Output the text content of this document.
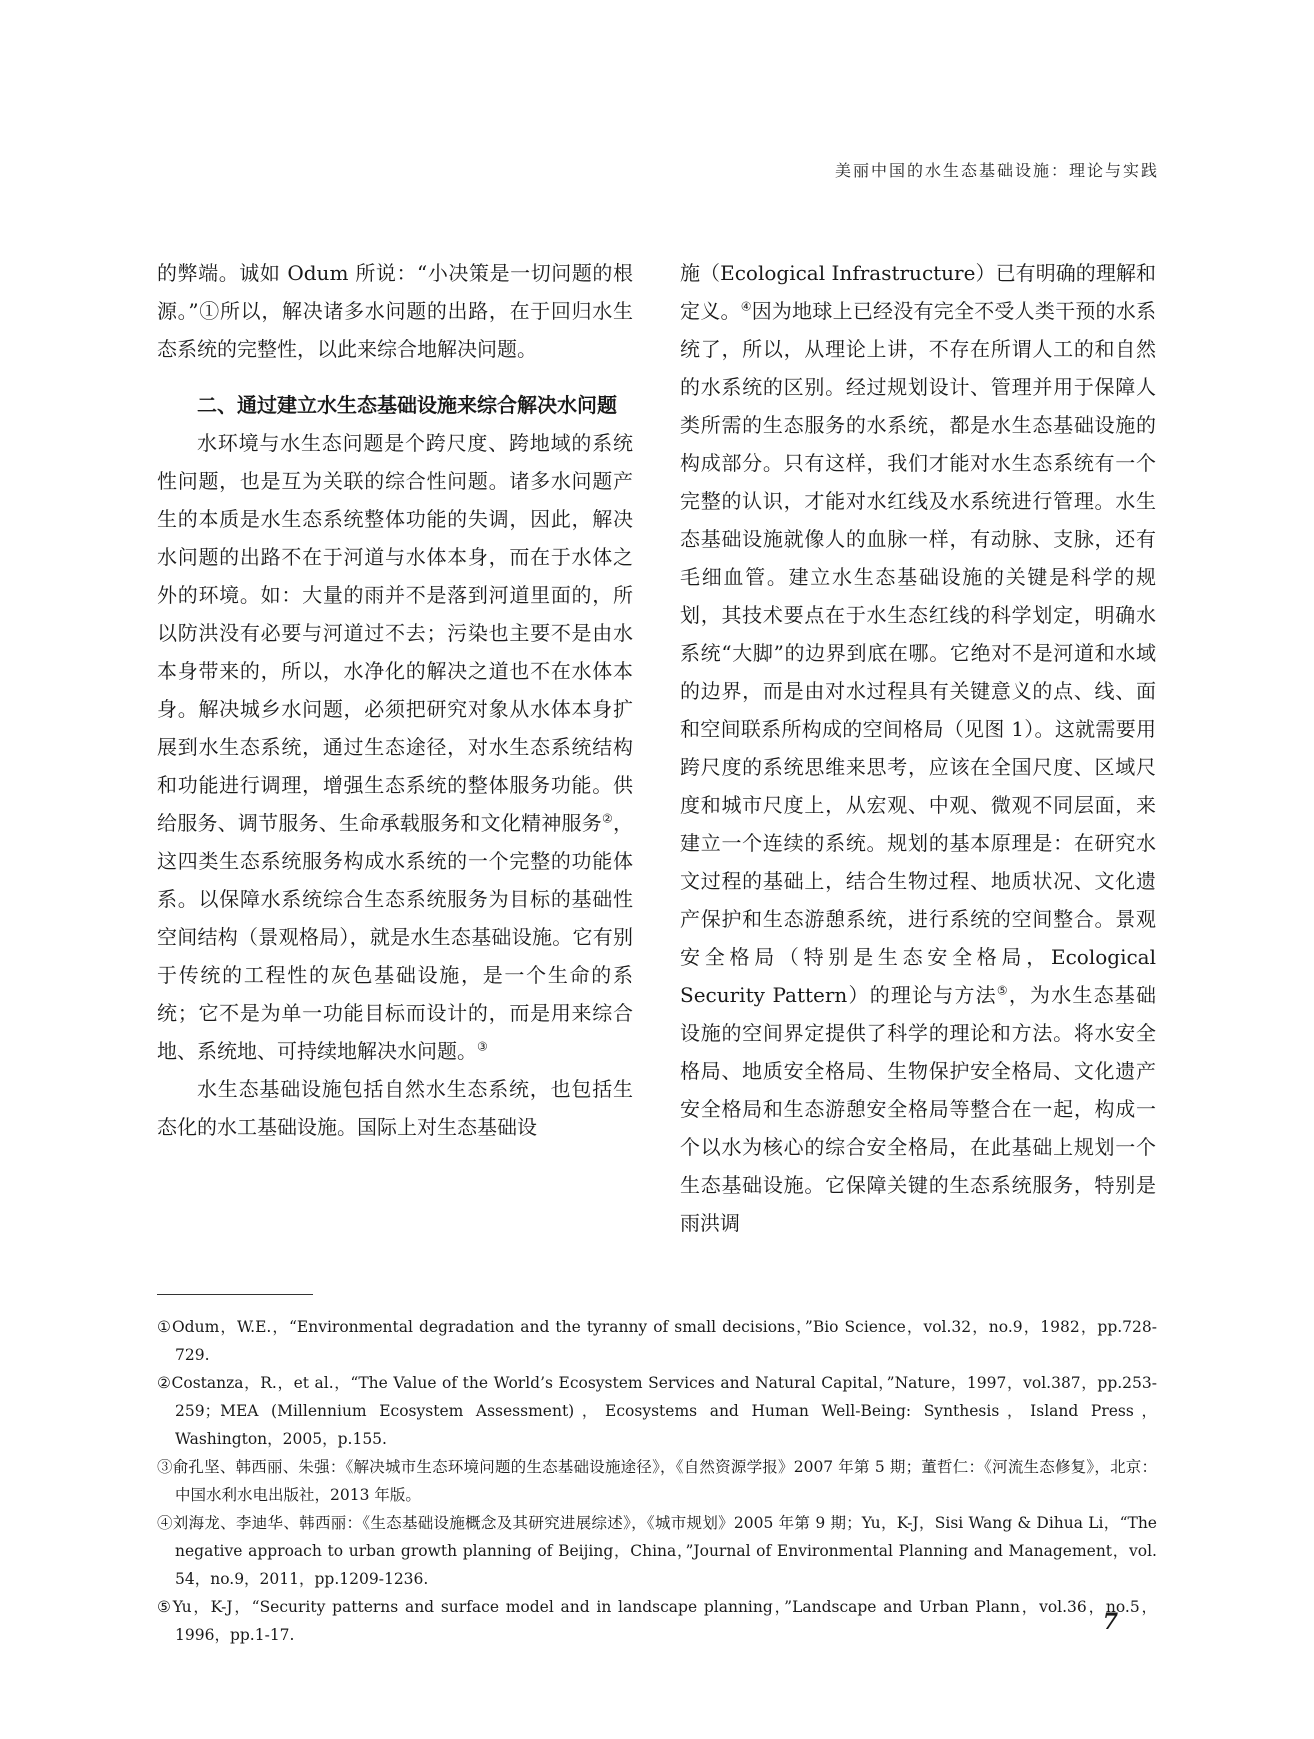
美丽中国的水生态基础设施：理论与实践

的弊端。诚如 Odum 所说：“小决策是一切问题的根源。”①所以，解决诸多水问题的出路，在于回归水生态系统的完整性，以此来综合地解决问题。

二、通过建立水生态基础设施来综合解决水问题

水环境与水生态问题是个跨尺度、跨地域的系统性问题，也是互为关联的综合性问题。诸多水问题产生的本质是水生态系统整体功能的失调，因此，解决水问题的出路不在于河道与水体本身，而在于水体之外的环境。如：大量的雨并不是落到河道里面的，所以防洪没有必要与河道过不去；污染也主要不是由水本身带来的，所以，水净化的解决之道也不在水体本身。解决城乡水问题，必须把研究对象从水体本身扩展到水生态系统，通过生态途径，对水生态系统结构和功能进行调理，增强生态系统的整体服务功能。供给服务、调节服务、生命承载服务和文化精神服务②，这四类生态系统服务构成水系统的一个完整的功能体系。以保障水系统综合生态系统服务为目标的基础性空间结构（景观格局），就是水生态基础设施。它有别于传统的工程性的灰色基础设施，是一个生命的系统；它不是为单一功能目标而设计的，而是用来综合地、系统地、可持续地解决水问题。③

水生态基础设施包括自然水生态系统，也包括生态化的水工基础设施。国际上对生态基础设

施（Ecological Infrastructure）已有明确的理解和定义。④因为地球上已经没有完全不受人类干预的水系统了，所以，从理论上讲，不存在所谓人工的和自然的水系统的区别。经过规划设计、管理并用于保障人类所需的生态服务的水系统，都是水生态基础设施的构成部分。只有这样，我们才能对水生态系统有一个完整的认识，才能对水红线及水系统进行管理。水生态基础设施就像人的血脉一样，有动脉、支脉，还有毛细血管。建立水生态基础设施的关键是科学的规划，其技术要点在于水生态红线的科学划定，明确水系统“大脚”的边界到底在哪。它绝对不是河道和水域的边界，而是由对水过程具有关键意义的点、线、面和空间联系所构成的空间格局（见图 1）。这就需要用跨尺度的系统思维来思考，应该在全国尺度、区域尺度和城市尺度上，从宏观、中观、微观不同层面，来建立一个连续的系统。规划的基本原理是：在研究水文过程的基础上，结合生物过程、地质状况、文化遗产保护和生态游憩系统，进行系统的空间整合。景观安全格局（特别是生态安全格局，Ecological Security Pattern）的理论与方法⑤，为水生态基础设施的空间界定提供了科学的理论和方法。将水安全格局、地质安全格局、生物保护安全格局、文化遗产安全格局和生态游憩安全格局等整合在一起，构成一个以水为核心的综合安全格局，在此基础上规划一个生态基础设施。它保障关键的生态系统服务，特别是雨洪调

①Odum，W.E.，“Environmental degradation and the tyranny of small decisions，”Bio Science，vol.32，no.9，1982，pp.728-729.

②Costanza，R.，et al.，“The Value of the World’s Ecosystem Services and Natural Capital，”Nature，1997，vol.387，pp.253-259；MEA (Millennium Ecosystem Assessment)，Ecosystems and Human Well-Being: Synthesis，Island Press，Washington，2005，p.155.

③俞孔坚、韩西丽、朱强：《解决城市生态环境问题的生态基础设施途径》，《自然资源学报》2007 年第 5 期；董哲仁：《河流生态修复》，北京：中国水利水电出版社，2013 年版。

④刘海龙、李迪华、韩西丽：《生态基础设施概念及其研究进展综述》，《城市规划》2005 年第 9 期；Yu，K-J，Sisi Wang & Dihua Li，“The negative approach to urban growth planning of Beijing，China，”Journal of Environmental Planning and Management，vol. 54，no.9，2011，pp.1209-1236.

⑤Yu，K-J，“Security patterns and surface model and in landscape planning，”Landscape and Urban Plann，vol.36，no.5，1996，pp.1-17.	7
